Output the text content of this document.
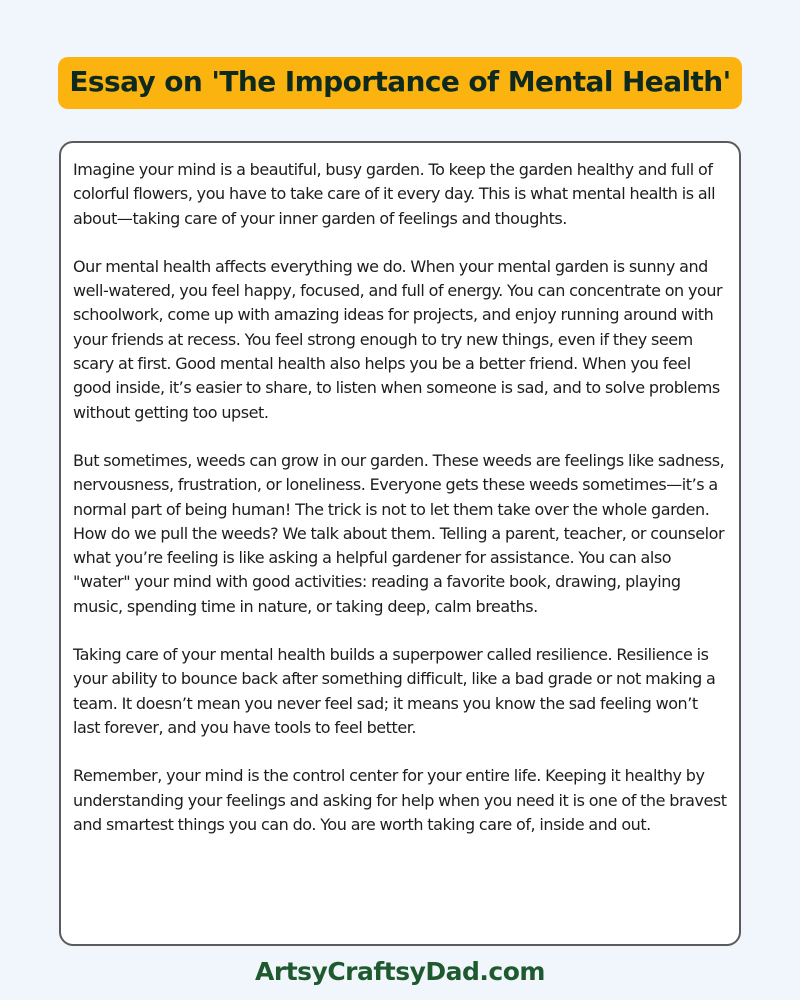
Essay on 'The Importance of Mental Health'

Imagine your mind is a beautiful, busy garden. To keep the garden healthy and full of colorful flowers, you have to take care of it every day. This is what mental health is all about—taking care of your inner garden of feelings and thoughts.

Our mental health affects everything we do. When your mental garden is sunny and well-watered, you feel happy, focused, and full of energy. You can concentrate on your schoolwork, come up with amazing ideas for projects, and enjoy running around with your friends at recess. You feel strong enough to try new things, even if they seem scary at first. Good mental health also helps you be a better friend. When you feel good inside, it’s easier to share, to listen when someone is sad, and to solve problems without getting too upset.

But sometimes, weeds can grow in our garden. These weeds are feelings like sadness, nervousness, frustration, or loneliness. Everyone gets these weeds sometimes—it’s a normal part of being human! The trick is not to let them take over the whole garden. How do we pull the weeds? We talk about them. Telling a parent, teacher, or counselor what you’re feeling is like asking a helpful gardener for assistance. You can also "water" your mind with good activities: reading a favorite book, drawing, playing music, spending time in nature, or taking deep, calm breaths.

Taking care of your mental health builds a superpower called resilience. Resilience is your ability to bounce back after something difficult, like a bad grade or not making a team. It doesn’t mean you never feel sad; it means you know the sad feeling won’t last forever, and you have tools to feel better.

Remember, your mind is the control center for your entire life. Keeping it healthy by understanding your feelings and asking for help when you need it is one of the bravest and smartest things you can do. You are worth taking care of, inside and out.

ArtsyCraftsyDad.com
